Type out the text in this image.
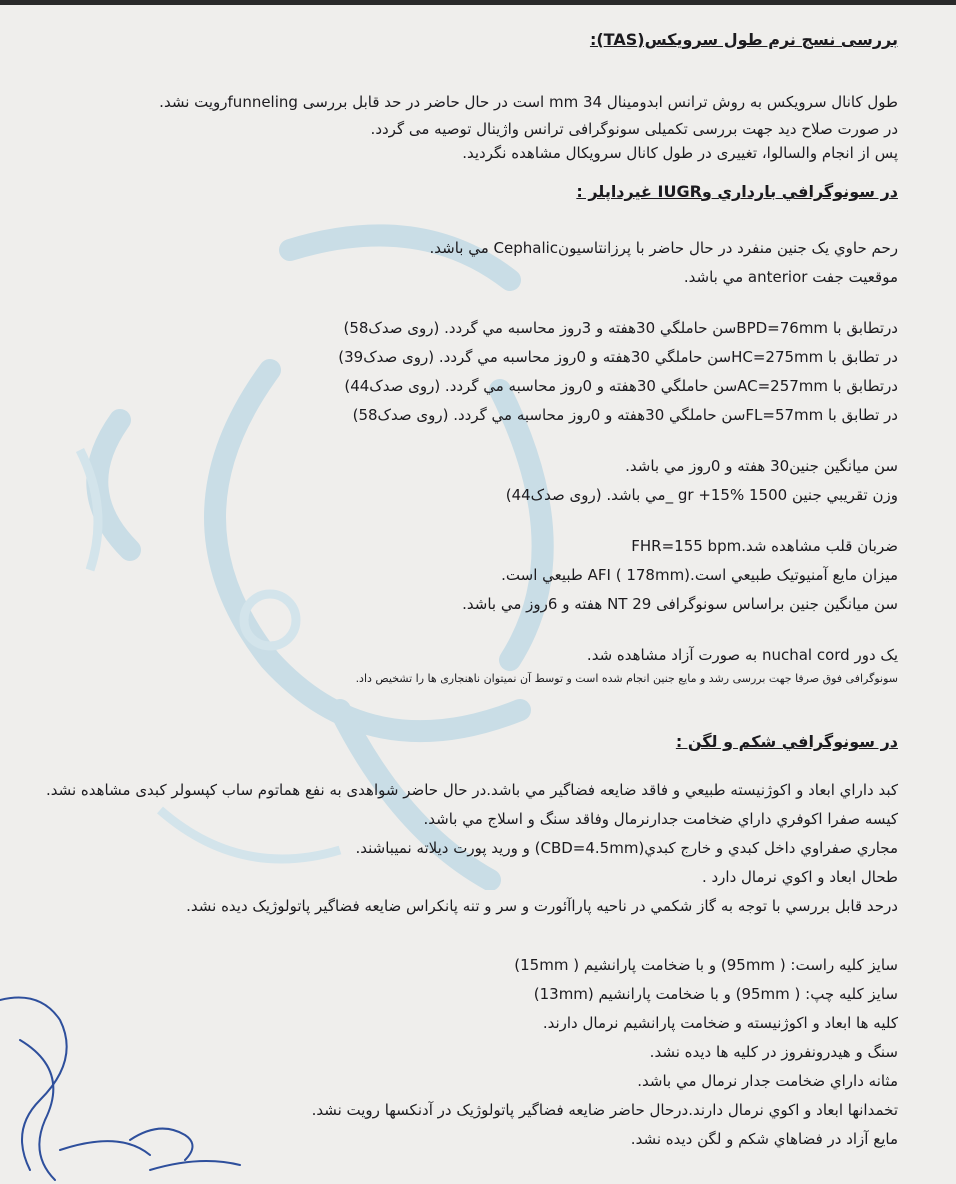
بررسی نسج نرم طول سرویکس(TAS):

طول کانال سرویکس به روش ترانس ابدومینال 34 mm است در حال حاضر در حد قابل بررسی funnelingرویت نشد.

در صورت صلاح دید جهت بررسی تکمیلی سونوگرافی ترانس واژینال توصیه می گردد.

پس از انجام والسالوا، تغییری در طول کانال سرویکال مشاهده نگردید.

در سونوگرافي بارداري وIUGR غيرداپلر :

رحم حاوي يک جنين منفرد در حال حاضر با پرزانتاسيونCephalic مي باشد.

موقعيت جفت anterior مي باشد.

درتطابق با BPD=76mmسن حاملگي 30هفته و 3روز محاسبه مي گردد. (روی صدک58)

در تطابق با HC=275mmسن حاملگي 30هفته و 0روز محاسبه مي گردد. (روی صدک39)

درتطابق با AC=257mmسن حاملگي 30هفته و 0روز محاسبه مي گردد. (روی صدک44)

در تطابق با FL=57mmسن حاملگي 30هفته و 0روز محاسبه مي گردد. (روی صدک58)

سن ميانگين جنين30 هفته و 0روز مي باشد.

وزن تقريبي جنين 1500 gr +15% _مي باشد. (روی صدک44)

ضربان قلب مشاهده شد.FHR=155 bpm

ميزان مايع آمنيوتيک طبيعي است.AFI ( 178mm) طبيعي است.

سن ميانگين جنين براساس سونوگرافی NT 29 هفته و 6روز مي باشد.

يک دور nuchal cord به صورت آزاد مشاهده شد.

سونوگرافی فوق صرفا جهت بررسی رشد و مایع جنین انجام شده است و توسط آن نمیتوان ناهنجاری ها را تشخیص داد.

در سونوگرافي شکم و لگن :

کبد داراي ابعاد و اکوژنيسته طبيعي و فاقد ضايعه فضاگير مي باشد.در حال حاضر شواهدی به نفع هماتوم ساب کپسولر کبدی مشاهده نشد.

کيسه صفرا اکوفري داراي ضخامت جدارنرمال وفاقد سنگ و اسلاج مي باشد.

مجاري صفراوي داخل کبدي و خارج کبدي(CBD=4.5mm) و وريد پورت ديلاته نميباشند.

طحال ابعاد و اکوي نرمال دارد .

درحد قابل بررسي با توجه به گاز شکمي در ناحيه پاراآئورت و سر و تنه پانکراس ضايعه فضاگير پاتولوژيک ديده نشد.

سایز کلیه راست: ( 95mm) و با ضخامت پارانشیم ( 15mm)

سایز کلیه چپ: ( 95mm) و با ضخامت پارانشیم (13mm)

کليه ها ابعاد و اکوژنيسته و ضخامت پارانشيم نرمال دارند.

سنگ و هيدرونفروز در کليه ها ديده نشد.

مثانه داراي ضخامت جدار نرمال مي باشد.

تخمدانها ابعاد و اکوي نرمال دارند.درحال حاضر ضايعه فضاگير پاتولوژيک در آدنکسها رويت نشد.

مايع آزاد در فضاهاي شکم و لگن ديده نشد.
